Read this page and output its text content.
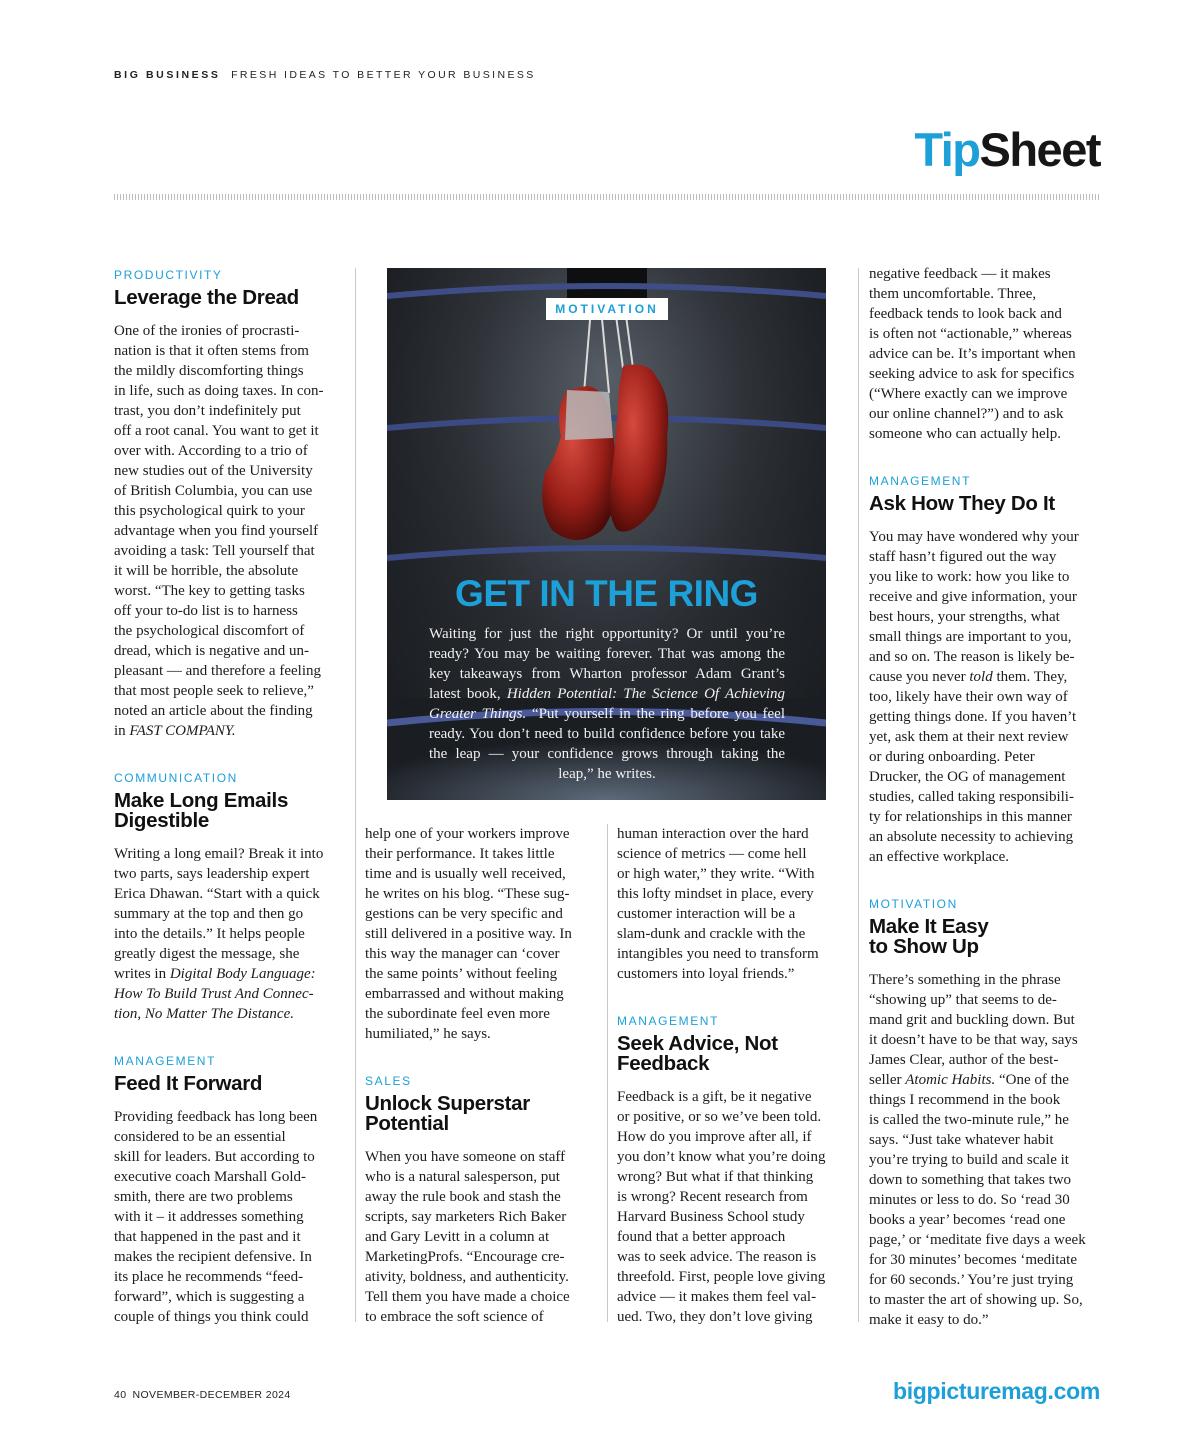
BIG BUSINESS FRESH IDEAS TO BETTER YOUR BUSINESS
TipSheet
PRODUCTIVITY
Leverage the Dread
One of the ironies of procrasti-
nation is that it often stems from
the mildly discomforting things
in life, such as doing taxes. In con-
trast, you don’t indefinitely put
off a root canal. You want to get it
over with. According to a trio of
new studies out of the University
of British Columbia, you can use
this psychological quirk to your
advantage when you find yourself
avoiding a task: Tell yourself that
it will be horrible, the absolute
worst. “The key to getting tasks
off your to-do list is to harness
the psychological discomfort of
dread, which is negative and un-
pleasant — and therefore a feeling
that most people seek to relieve,”
noted an article about the finding
in FAST COMPANY.
COMMUNICATION
Make Long Emails
Digestible
Writing a long email? Break it into
two parts, says leadership expert
Erica Dhawan. “Start with a quick
summary at the top and then go
into the details.” It helps people
greatly digest the message, she
writes in Digital Body Language:
How To Build Trust And Connec-
tion, No Matter The Distance.
MANAGEMENT
Feed It Forward
Providing feedback has long been
considered to be an essential
skill for leaders. But according to
executive coach Marshall Gold-
smith, there are two problems
with it – it addresses something
that happened in the past and it
makes the recipient defensive. In
its place he recommends “feed-
forward”, which is suggesting a
couple of things you think could
MOTIVATION
GET IN THE RING
Waiting for just the right opportunity? Or until you’re ready? You may be waiting forever. That was among the key takeaways from Wharton professor Adam Grant’s latest book, Hidden Potential: The Science Of Achieving Greater Things. “Put yourself in the ring before you feel ready. You don’t need to build confidence before you take the leap — your confidence grows through taking the leap,” he writes.
help one of your workers improve
their performance. It takes little
time and is usually well received,
he writes on his blog. “These sug-
gestions can be very specific and
still delivered in a positive way. In
this way the manager can ‘cover
the same points’ without feeling
embarrassed and without making
the subordinate feel even more
humiliated,” he says.
SALES
Unlock Superstar
Potential
When you have someone on staff
who is a natural salesperson, put
away the rule book and stash the
scripts, say marketers Rich Baker
and Gary Levitt in a column at
MarketingProfs. “Encourage cre-
ativity, boldness, and authenticity.
Tell them you have made a choice
to embrace the soft science of
human interaction over the hard
science of metrics — come hell
or high water,” they write. “With
this lofty mindset in place, every
customer interaction will be a
slam-dunk and crackle with the
intangibles you need to transform
customers into loyal friends.”
MANAGEMENT
Seek Advice, Not
Feedback
Feedback is a gift, be it negative
or positive, or so we’ve been told.
How do you improve after all, if
you don’t know what you’re doing
wrong? But what if that thinking
is wrong? Recent research from
Harvard Business School study
found that a better approach
was to seek advice. The reason is
threefold. First, people love giving
advice — it makes them feel val-
ued. Two, they don’t love giving
negative feedback — it makes
them uncomfortable. Three,
feedback tends to look back and
is often not “actionable,” whereas
advice can be. It’s important when
seeking advice to ask for specifics
(“Where exactly can we improve
our online channel?”) and to ask
someone who can actually help.
MANAGEMENT
Ask How They Do It
You may have wondered why your
staff hasn’t figured out the way
you like to work: how you like to
receive and give information, your
best hours, your strengths, what
small things are important to you,
and so on. The reason is likely be-
cause you never told them. They,
too, likely have their own way of
getting things done. If you haven’t
yet, ask them at their next review
or during onboarding. Peter
Drucker, the OG of management
studies, called taking responsibili-
ty for relationships in this manner
an absolute necessity to achieving
an effective workplace.
MOTIVATION
Make It Easy
to Show Up
There’s something in the phrase
“showing up” that seems to de-
mand grit and buckling down. But
it doesn’t have to be that way, says
James Clear, author of the best-
seller Atomic Habits. “One of the
things I recommend in the book
is called the two-minute rule,” he
says. “Just take whatever habit
you’re trying to build and scale it
down to something that takes two
minutes or less to do. So ‘read 30
books a year’ becomes ‘read one
page,’ or ‘meditate five days a week
for 30 minutes’ becomes ‘meditate
for 60 seconds.’ You’re just trying
to master the art of showing up. So,
make it easy to do.”
40 NOVEMBER-DECEMBER 2024	bigpicturemag.com
